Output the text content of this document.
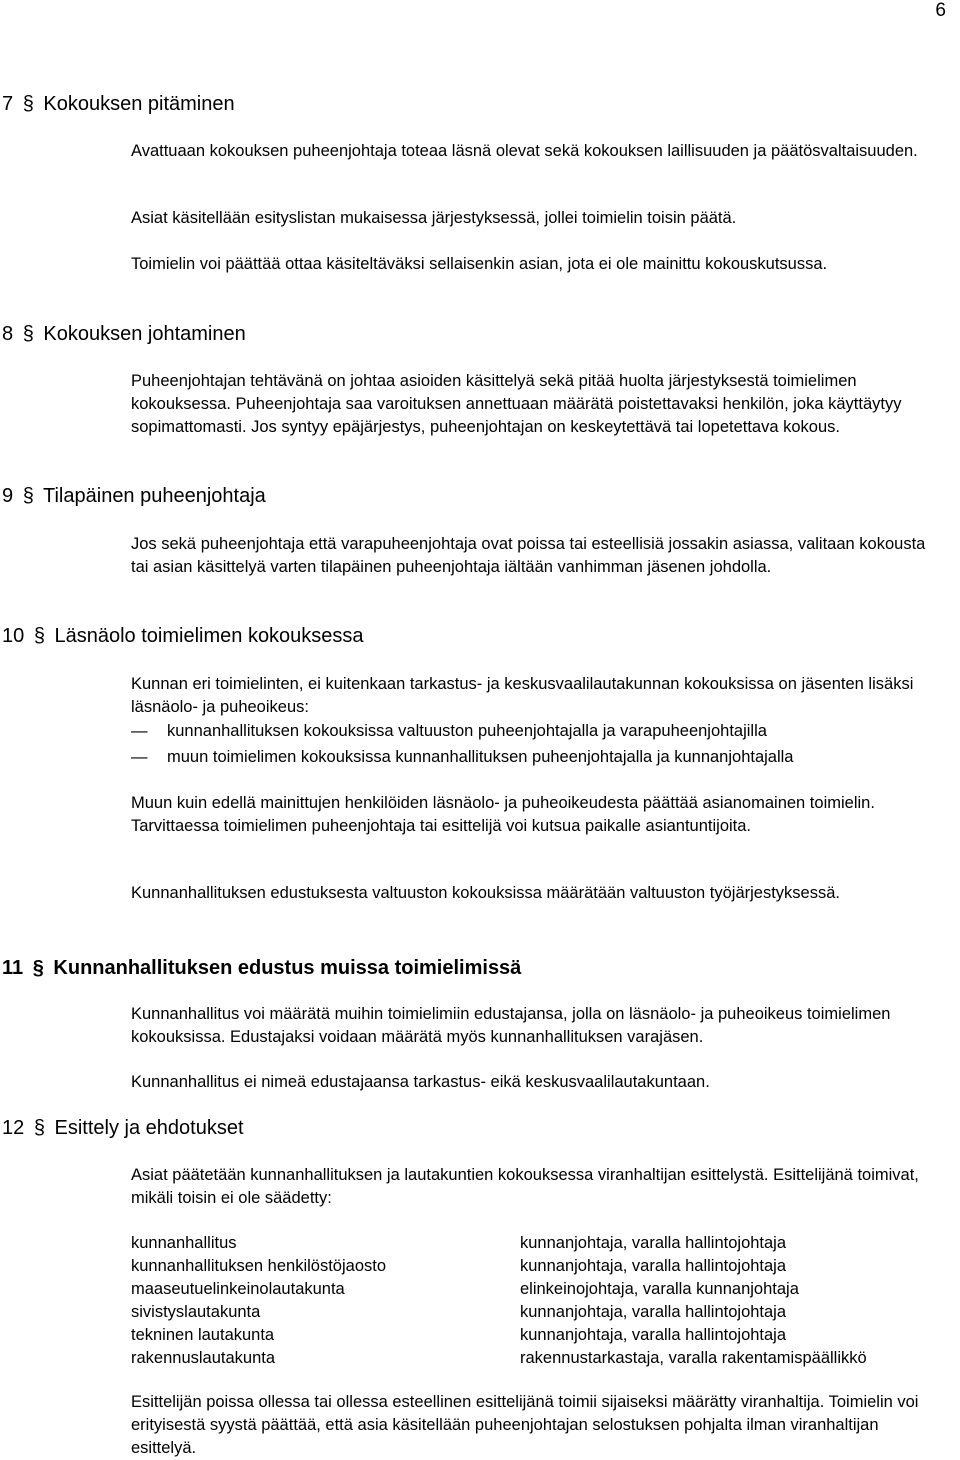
6
7 § Kokouksen pitäminen

Avattuaan kokouksen puheenjohtaja toteaa läsnä olevat sekä kokouksen laillisuuden ja päätösvaltaisuuden.

Asiat käsitellään esityslistan mukaisessa järjestyksessä, jollei toimielin toisin päätä.

Toimielin voi päättää ottaa käsiteltäväksi sellaisenkin asian, jota ei ole mainittu kokouskutsussa.

8 § Kokouksen johtaminen

Puheenjohtajan tehtävänä on johtaa asioiden käsittelyä sekä pitää huolta järjestyksestä toimielimen kokouksessa. Puheenjohtaja saa varoituksen annettuaan määrätä poistettavaksi henkilön, joka käyttäytyy sopimattomasti. Jos syntyy epäjärjestys, puheenjohtajan on keskeytettävä tai lopetettava kokous.

9 § Tilapäinen puheenjohtaja

Jos sekä puheenjohtaja että varapuheenjohtaja ovat poissa tai esteellisiä jossakin asiassa, valitaan kokousta tai asian käsittelyä varten tilapäinen puheenjohtaja iältään vanhimman jäsenen johdolla.

10 § Läsnäolo toimielimen kokouksessa

Kunnan eri toimielinten, ei kuitenkaan tarkastus- ja keskusvaalilautakunnan kokouksissa on jäsenten lisäksi läsnäolo- ja puheoikeus:

— kunnanhallituksen kokouksissa valtuuston puheenjohtajalla ja varapuheenjohtajilla
— muun toimielimen kokouksissa kunnanhallituksen puheenjohtajalla ja kunnanjohtajalla

Muun kuin edellä mainittujen henkilöiden läsnäolo- ja puheoikeudesta päättää asianomainen toimielin. Tarvittaessa toimielimen puheenjohtaja tai esittelijä voi kutsua paikalle asiantuntijoita.

Kunnanhallituksen edustuksesta valtuuston kokouksissa määrätään valtuuston työjärjestyksessä.

11 § Kunnanhallituksen edustus muissa toimielimissä

Kunnanhallitus voi määrätä muihin toimielimiin edustajansa, jolla on läsnäolo- ja puheoikeus toimielimen kokouksissa. Edustajaksi voidaan määrätä myös kunnanhallituksen varajäsen.

Kunnanhallitus ei nimeä edustajaansa tarkastus- eikä keskusvaalilautakuntaan.

12 § Esittely ja ehdotukset

Asiat päätetään kunnanhallituksen ja lautakuntien kokouksessa viranhaltijan esittelystä. Esittelijänä toimivat, mikäli toisin ei ole säädetty:

kunnanhallitus	kunnanjohtaja, varalla hallintojohtaja
kunnanhallituksen henkilöstöjaosto	kunnanjohtaja, varalla hallintojohtaja
maaseutuelinkeinolautakunta	elinkeinojohtaja, varalla kunnanjohtaja
sivistyslautakunta	kunnanjohtaja, varalla hallintojohtaja
tekninen lautakunta	kunnanjohtaja, varalla hallintojohtaja
rakennuslautakunta	rakennustarkastaja, varalla rakentamispäällikkö

Esittelijän poissa ollessa tai ollessa esteellinen esittelijänä toimii sijaiseksi määrätty viranhaltija. Toimielin voi erityisestä syystä päättää, että asia käsitellään puheenjohtajan selostuksen pohjalta ilman viranhaltijan esittelyä.
